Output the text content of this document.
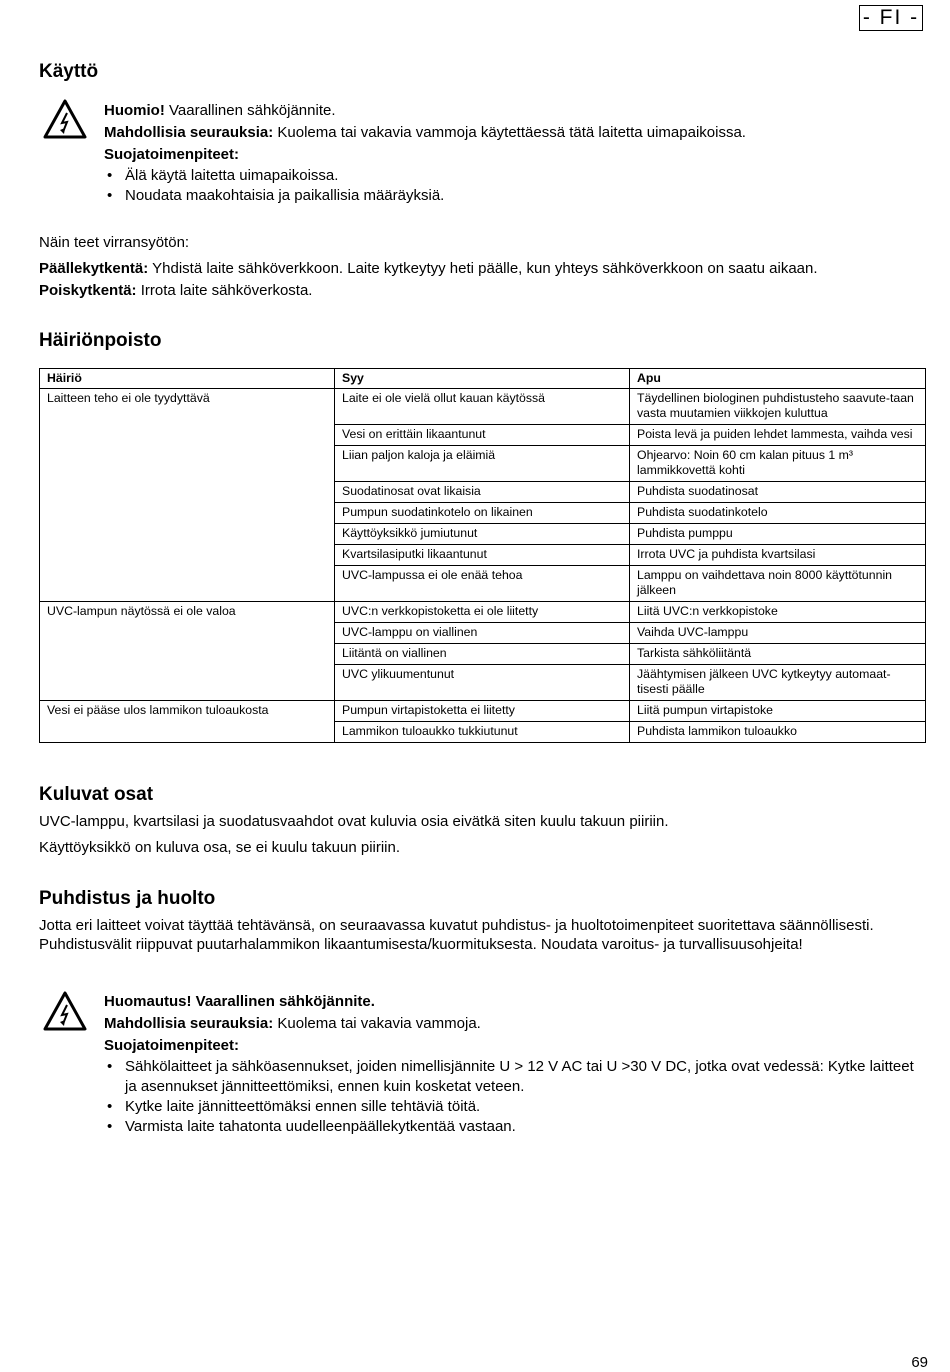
- FI -
Käyttö
Huomio! Vaarallinen sähköjännite.
Mahdollisia seurauksia: Kuolema tai vakavia vammoja käytettäessä tätä laitetta uimapaikoissa.
Suojatoimenpiteet:
• Älä käytä laitetta uimapaikoissa.
• Noudata maakohtaisia ja paikallisia määräyksiä.
Näin teet virransyötön:
Päällekytkentä: Yhdistä laite sähköverkkoon. Laite kytkeytyy heti päälle, kun yhteys sähköverkkoon on saatu aikaan.
Poiskytkentä: Irrota laite sähköverkosta.
Häiriönpoisto
Häiriö	Syy	Apu
Laitteen teho ei ole tyydyttävä	Laite ei ole vielä ollut kauan käytössä	Täydellinen biologinen puhdistusteho saavute-taan vasta muutamien viikkojen kuluttua
	Vesi on erittäin likaantunut	Poista levä ja puiden lehdet lammesta, vaihda vesi
	Liian paljon kaloja ja eläimiä	Ohjearvo: Noin 60 cm kalan pituus 1 m³ lammikkovettä kohti
	Suodatinosat ovat likaisia	Puhdista suodatinosat
	Pumpun suodatinkotelo on likainen	Puhdista suodatinkotelo
	Käyttöyksikkö jumiutunut	Puhdista pumppu
	Kvartsilasiputki likaantunut	Irrota UVC ja puhdista kvartsilasi
	UVC-lampussa ei ole enää tehoa	Lamppu on vaihdettava noin 8000 käyttötunnin jälkeen
UVC-lampun näytössä ei ole valoa	UVC:n verkkopistoketta ei ole liitetty	Liitä UVC:n verkkopistoke
	UVC-lamppu on viallinen	Vaihda UVC-lamppu
	Liitäntä on viallinen	Tarkista sähköliitäntä
	UVC ylikuumentunut	Jäähtymisen jälkeen UVC kytkeytyy automaat-tisesti päälle
Vesi ei pääse ulos lammikon tuloaukosta	Pumpun virtapistoketta ei liitetty	Liitä pumpun virtapistoke
	Lammikon tuloaukko tukkiutunut	Puhdista lammikon tuloaukko
Kuluvat osat
UVC-lamppu, kvartsilasi ja suodatusvaahdot ovat kuluvia osia eivätkä siten kuulu takuun piiriin.
Käyttöyksikkö on kuluva osa, se ei kuulu takuun piiriin.
Puhdistus ja huolto
Jotta eri laitteet voivat täyttää tehtävänsä, on seuraavassa kuvatut puhdistus- ja huoltotoimenpiteet suoritettava säännöllisesti. Puhdistusvälit riippuvat puutarhalammikon likaantumisesta/kuormituksesta. Noudata varoitus- ja turvallisuusohjeita!
Huomautus! Vaarallinen sähköjännite.
Mahdollisia seurauksia: Kuolema tai vakavia vammoja.
Suojatoimenpiteet:
• Sähkölaitteet ja sähköasennukset, joiden nimellisjännite U > 12 V AC tai U >30 V DC, jotka ovat vedessä: Kytke laitteet ja asennukset jännitteettömiksi, ennen kuin kosketat veteen.
• Kytke laite jännitteettömäksi ennen sille tehtäviä töitä.
• Varmista laite tahatonta uudelleenpäällekytkentää vastaan.
69
